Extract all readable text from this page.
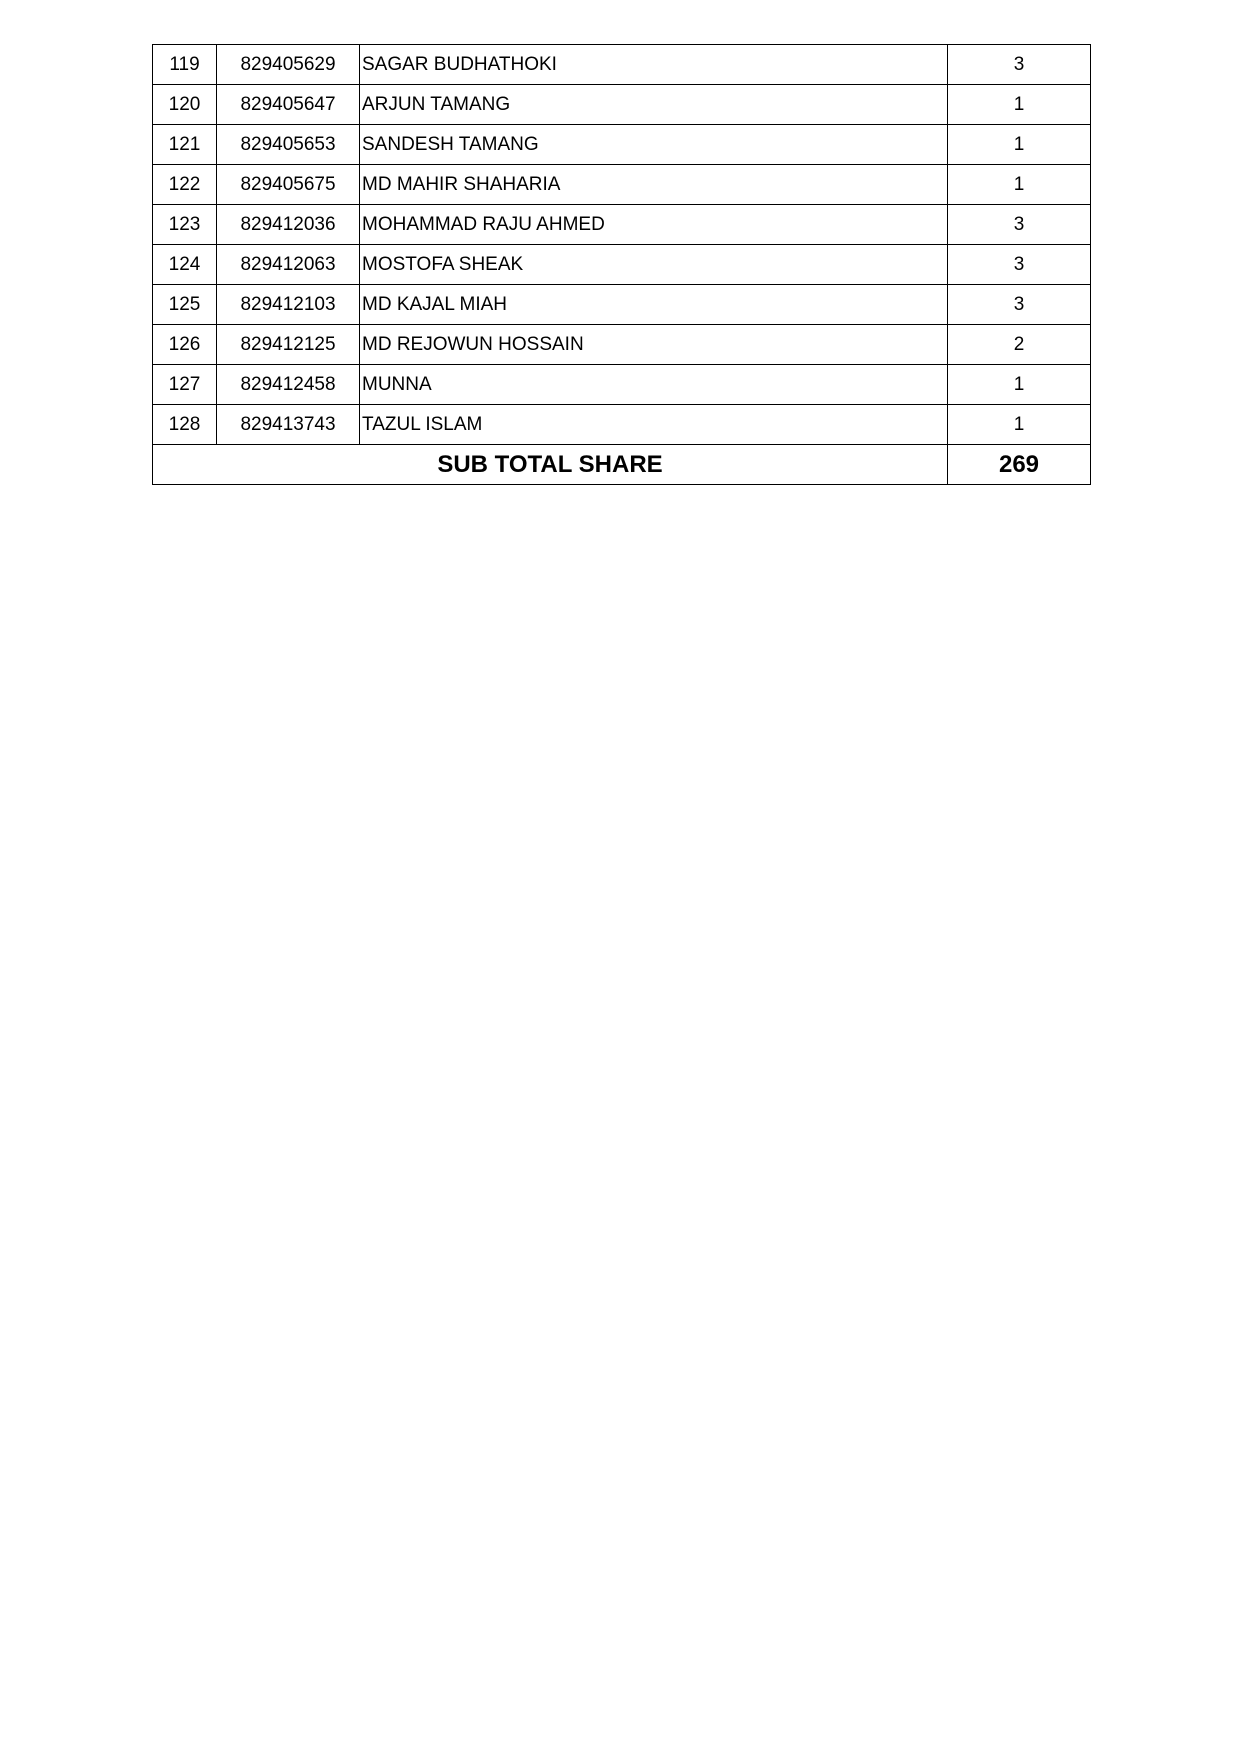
119	829405629	SAGAR BUDHATHOKI	3
120	829405647	ARJUN TAMANG	1
121	829405653	SANDESH TAMANG	1
122	829405675	MD MAHIR SHAHARIA	1
123	829412036	MOHAMMAD RAJU AHMED	3
124	829412063	MOSTOFA SHEAK	3
125	829412103	MD KAJAL MIAH	3
126	829412125	MD REJOWUN HOSSAIN	2
127	829412458	MUNNA	1
128	829413743	TAZUL ISLAM	1
SUB TOTAL SHARE			269
